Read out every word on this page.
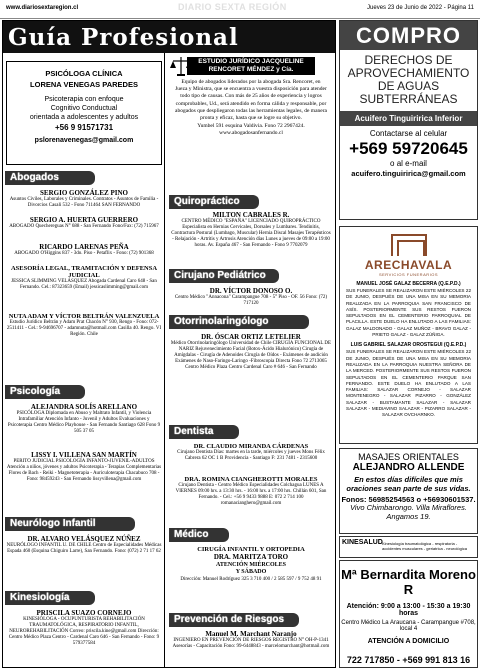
www.diariosextaregion.cl	DIARIO SEXTA REGIÓN	Jueves 23 de Junio de 2022 - Página 11
Guía Profesional
PSICÓLOGA CLÍNICA
LORENA VENEGAS PAREDES
Psicoterapia con enfoque
Cognitivo Conductual
orientada a adolescentes y adultos
+56 9 91571731
pslorenavenegas@gmail.com
Abogados
SERGIO GONZÁLEZ PINO
Asuntos Civiles, Laborales y Criminales. Contratos - Asuntos de Familia - Divorcios Casali 532 - Fono 711464 SAN FERNANDO
SERGIO A. HUERTA GUERRERO
ABOGADO Quechereguas N° 688 - San Fernando Fono/Fax: (72) 715967
RICARDO LARENAS PEÑA
ABOGADO O'Higgins 837 - 3do. Piso - Petaflix - Fono: (72) 901368
ASESORÍA LEGAL, TRAMITACIÓN Y DEFENSA JUDICIAL
JESSICA SLIMMING VELÁSQUEZ Abogada Cardenal Caro 648 - San Fernando. Cel.: 87323659 (Email) jessicaslimming@gmail.com
NUTA ADAM Y VÍCTOR BELTRÁN VALENZUELA
Estudio Jurídico Beltrán y Adam Prat Chacón N° 930, Rengo - Fono: 072-2511411 - Cel.: 9-94696707 - adamnuta@hotmail.com Casilla 40. Rengo. VI Región. Chile
Psicología
ALEJANDRA SOLÍS ARELLANO
PSICÓLOGA Diplomada en Abuso y Maltrato Infantil, y Violencia Intrafamiliar Atención Infanto - Juvenil y Adultos Evaluaciones y Psicoterapia Centro Médico Playhouse - San Fernando Santiago 628 Fono 9 505 37 05
LISSY I. VILLENA SAN MARTÍN
PERITO JUDICIAL PSICOLOGÍA INFANTO-JUVENIL-ADULTOS Atención a niños, jóvenes y adultos Psicoterapia - Terapias Complementarias Flores de Bach - Reiki - Magnetoterapia - Auriculoterapia Chacabuco 708 - Fono: 98459243 - San Fernando lissyvillena@gmail.com
Neurólogo Infantil
DR. ALVARO VELÁSQUEZ NÚÑEZ
NEURÓLOGO INFANTIL U. DE CHILE Centro de Especialidades Médicas Espada 460 (Esquina Chiguiro Larre), San Fernando. Fono: (072) 2 71 17 62
Kinesiología
PRISCILA SUAZO CORNEJO
KINESIÓLOGA - OCUPUNTURISTA REHABILITACIÓN TRAUMATOLÓGICA, RESPIRATORIO INFANTIL, NEUROREHABILITACIÓN Correo: priscila.kine@gmail.com Dirección: Centro Médico Plaza Centro - Cardenal Caro 646 - San Fernando - Fono: 9 579377584
ESTUDIO JURÍDICO JACQUELINE RENCORET MÉNDEZ y Cía.
Equipo de abogados liderados por la abogada Sra. Rencoret, en Jueza y Ministra, que se encuentra a vuestra disposición para atender todo tipo de causas. Con más de 25 años de experiencia y logros comprobables, Ud., será atendido en forma cálida y responsable, por abogados que despliegaron todas las herramientas legales, de manera pronta y eficaz, hasta que se logre su objetivo.
Yumbel 591 esquina Valdivia. Fono 72 2967424.
www.abogadosanfernando.cl
Quiropráctico
MILTON CABRALES R.
CENTRO MÉDICO "ESPAÑA" LICENCIADO QUIROPRÁCTICO Especialista en Hernias Cervicales, Dorsales y Lumbares. Tendinitis, Contractura Postural (Lumbago, Muscular) Hernia Discal Masajes Terapéuticos - Relajación - Artritis y Artrosis Atención días Lunes a jueves de 09:00 a 19:00 horas. Av. España 467 - San Fernando - Fono 9 7702079
Cirujano Pediátrico
DR. VÍCTOR DONOSO O.
Centro Médico "Annacona" Carampangue 708 - 5° Piso - OF. 56 Fono: (72) 717120
Otorrinolaringólogo
DR. ÓSCAR ORTIZ LETELIER
Médico Otorrinolaringólogo Universidad de Chile CIRUGÍA FUNCIONAL DE NARIZ Rejuvenecimiento Facial (Botox-Ácido Hialurónico) Cirugía de Amígdalas - Cirugía de Adenoides Cirugía de Oídos - Exámenes de audición Exámenes de Naso-Faringo-Laringo -Fibroscopia Directa Fono 72 2713065 Centro Médico Plaza Centro Cardenal Caro # 646 - San Fernando
Dentista
DR. CLAUDIO MIRANDA CÁRDENAS
Cirujano Dentista Días: martes en la tarde, miércoles y jueves Mons Félix Cabrera 62 OC 1 B Providencia - Santiago F: 231 7481 - 2315600
DRA. ROMINA CIANGHEROTTI MORALES
Cirujano Dentista - Centro Médico Especialidades Colchagua LUNES A VIERNES 09:00 hrs. a 13:30 hrs. - 16:00 hrs. a 17:00 hrs. Chillán 601, San Fernando. - Cel.: +56 9 9433 9888 E: 072 2 714 100 romanacianghero@gmail.com
Médico
CIRUGÍA INFANTIL Y ORTOPEDIA
DRA. MARITZA TORO
ATENCIÓN MIÉRCOLES Y SÁBADO
Dirección: Manuel Rodríguez 325 3 710 400 / 2 585 597 / 9 752 48 91
Prevención de Riesgos
Manuel M. Marchant Naranjo
INGENIERO EN PREVENCIÓN DE RIESGOS REGISTRO N° OH-P-1341 Asesorías - Capacitación Fono: 99-6448843 - marcelomarchant@hotmail.com
COMPRO
DERECHOS DE APROVECHAMIENTO DE AGUAS SUBTERRÁNEAS
Acuifero Tinguiririca Inferior
Contactarse al celular
+569 59720645
o al e-mail
acuifero.tinguiririca@gmail.com
ARECHAVALA
SERVICIOS FUNERARIOS
MANUEL JOSÉ GALAZ BECERRA (Q.E.P.D.)
SUS FUNERALES SE REALIZARON ESTE MIÉRCOLES 22 DE JUNIO, DESPUÉS DE UNA MISA EN SU MEMORIA REALIZADA EN LA PARROQUIA SAN FRANCISCO DE ASÍS. POSTERIORMENTE SUS RESTOS FUERON SEPULTADOS EN EL CEMENTERIO PARROQUIAL DE PLACILLA. ESTE DUELO HA ENLUTADO A LAS FAMILIAS: GALAZ MALDONADO - GALAZ MUÑOZ - BRAVO GALAZ - PRIETO GALAZ - GALAZ ZÚÑIGA.
LUIS GABRIEL SALAZAR OROSTEGUI (Q.E.P.D.)
SUS FUNERALES SE REALIZARON ESTE MIÉRCOLES 22 DE JUNIO, DESPUÉS DE UNA MISA EN SU MEMORIA REALIZADA EN LA PARROQUIA NUESTRA SEÑORA DE LA MERCED. POSTERIORMENTE SUS RESTOS FUERON SEPULTADOS EN EL CEMENTERIO PARQUE SAN FERNANDO. ESTE DUELO HA ENLUTADO A LAS FAMILIAS: SALAZAR CORNEJO - SALAZAR MONTENEGRO - SALAZAR PIZARRO - GONZÁLEZ SALAZAR - BUSTAMANTE SALAZAR - SALAZAR SALAZAR - MEDIAVINO SALAZAR - PIZARRO SALAZAR - SALAZAR OVCHARNKO.
MASAJES ORIENTALES
ALEJANDRO ALLENDE
En estos días difíciles que mis oraciones sean parte de sus vidas.
Fonos: 56985254563 o +56930601537.
Vivo Chimbarongo. Villa Miraflores. Angamos 19.
KINESALUD Kinesiología traumatológica - respiratoria - accidentes musculares - geriatrica - neurológica
Mª Bernardita Moreno R
Atención: 9:00 a 13:00 - 15:30 a 19:30 horas
Centro Médico La Araucana - Carampangue #708, local 4
ATENCIÓN A DOMICILIO
722 717850 - +569 991 813 16
